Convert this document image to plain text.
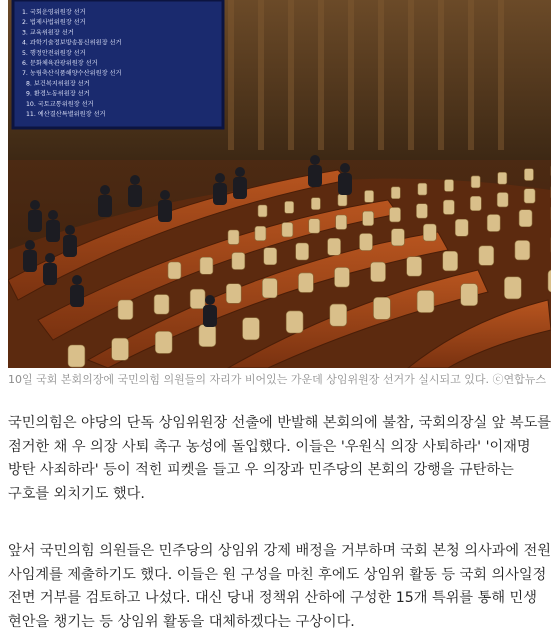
1. 국회운영위원장 선거
2. 법제사법위원장 선거
3. 교육위원장 선거
4. 과학기술정보방송통신위원장 선거
5. 행정안전위원장 선거
6. 문화체육관광위원장 선거
7. 농림축산식품해양수산위원장 선거
8. 보건복지위원장 선거
9. 환경노동위원장 선거
10. 국토교통위원장 선거
11. 예산결산특별위원장 선거

10일 국회 본회의장에 국민의힘 의원들의 자리가 비어있는 가운데 상임위원장 선거가 실시되고 있다. ⓒ연합뉴스

국민의힘은 야당의 단독 상임위원장 선출에 반발해 본회의에 불참, 국회의장실 앞 복도를 점거한 채 우 의장 사퇴 촉구 농성에 돌입했다. 이들은 '우원식 의장 사퇴하라' '이재명 방탄 사죄하라' 등이 적힌 피켓을 들고 우 의장과 민주당의 본회의 강행을 규탄하는 구호를 외치기도 했다.

앞서 국민의힘 의원들은 민주당의 상임위 강제 배정을 거부하며 국회 본청 의사과에 전원 사임계를 제출하기도 했다. 이들은 원 구성을 마친 후에도 상임위 활동 등 국회 의사일정 전면 거부를 검토하고 나섰다. 대신 당내 정책위 산하에 구성한 15개 특위를 통해 민생 현안을 챙기는 등 상임위 활동을 대체하겠다는 구상이다.
